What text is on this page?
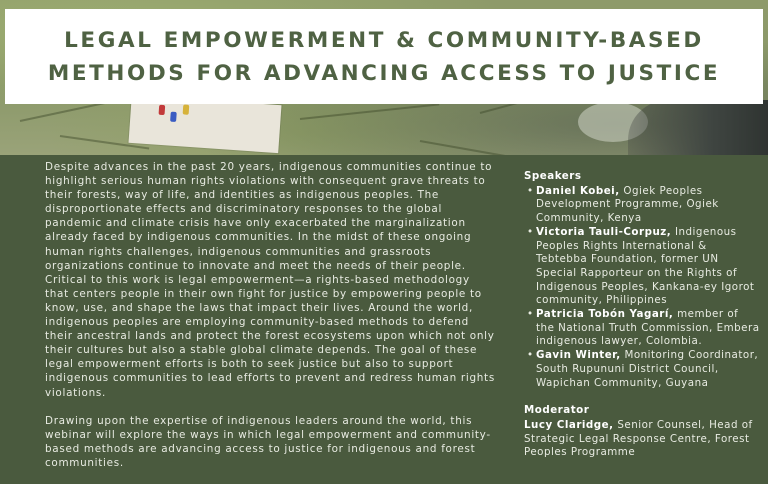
LEGAL EMPOWERMENT & COMMUNITY-BASED
METHODS FOR ADVANCING ACCESS TO JUSTICE

Despite advances in the past 20 years, indigenous communities continue to highlight serious human rights violations with consequent grave threats to their forests, way of life, and identities as indigenous peoples. The disproportionate effects and discriminatory responses to the global pandemic and climate crisis have only exacerbated the marginalization already faced by indigenous communities. In the midst of these ongoing human rights challenges, indigenous communities and grassroots organizations continue to innovate and meet the needs of their people. Critical to this work is legal empowerment—a rights-based methodology that centers people in their own fight for justice by empowering people to know, use, and shape the laws that impact their lives. Around the world, indigenous peoples are employing community-based methods to defend their ancestral lands and protect the forest ecosystems upon which not only their cultures but also a stable global climate depends. The goal of these legal empowerment efforts is both to seek justice but also to support indigenous communities to lead efforts to prevent and redress human rights violations.

Drawing upon the expertise of indigenous leaders around the world, this webinar will explore the ways in which legal empowerment and community-based methods are advancing access to justice for indigenous and forest communities.

Speakers
• Daniel Kobei, Ogiek Peoples Development Programme, Ogiek Community, Kenya
• Victoria Tauli-Corpuz, Indigenous Peoples Rights International & Tebtebba Foundation, former UN Special Rapporteur on the Rights of Indigenous Peoples, Kankana-ey Igorot community, Philippines
• Patricia Tobón Yagarí, member of the National Truth Commission, Embera indigenous lawyer, Colombia.
• Gavin Winter, Monitoring Coordinator, South Rupununi District Council, Wapichan Community, Guyana
Moderator
Lucy Claridge, Senior Counsel, Head of Strategic Legal Response Centre, Forest Peoples Programme
